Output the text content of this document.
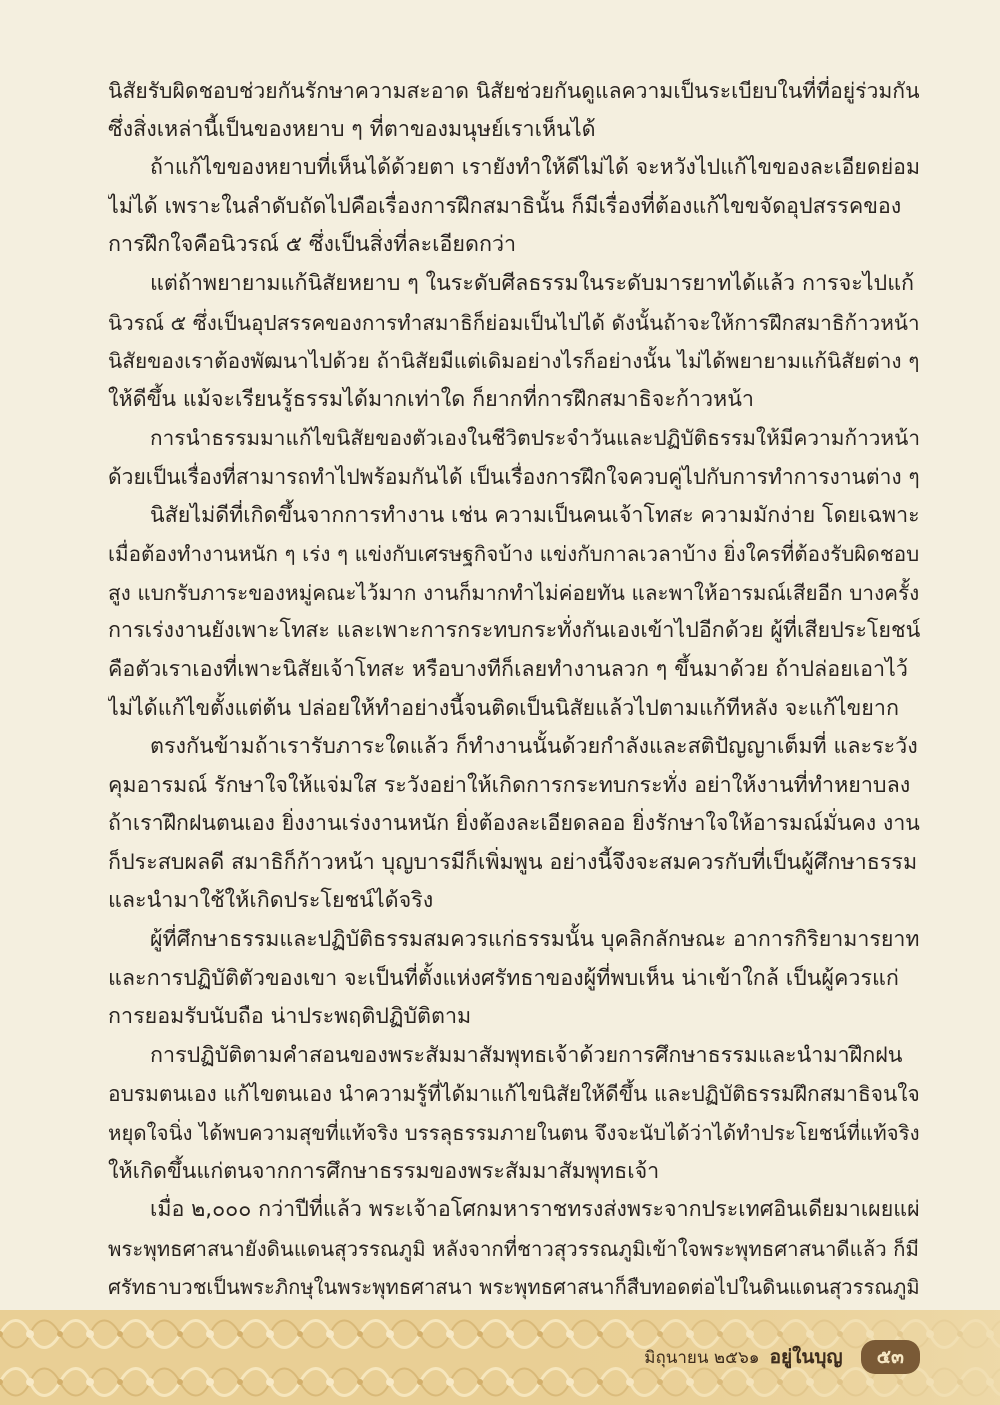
นิสัยรับผิดชอบช่วยกันรักษาความสะอาด นิสัยช่วยกันดูแลความเป็นระเบียบในที่ที่อยู่ร่วมกัน
ซึ่งสิ่งเหล่านี้เป็นของหยาบ ๆ ที่ตาของมนุษย์เราเห็นได้

ถ้าแก้ไขของหยาบที่เห็นได้ด้วยตา เรายังทำให้ดีไม่ได้ จะหวังไปแก้ไขของละเอียดย่อม
ไม่ได้ เพราะในลำดับถัดไปคือเรื่องการฝึกสมาธินั้น ก็มีเรื่องที่ต้องแก้ไขขจัดอุปสรรคของ
การฝึกใจคือนิวรณ์ ๕ ซึ่งเป็นสิ่งที่ละเอียดกว่า

แต่ถ้าพยายามแก้นิสัยหยาบ ๆ ในระดับศีลธรรมในระดับมารยาทได้แล้ว การจะไปแก้
นิวรณ์ ๕ ซึ่งเป็นอุปสรรคของการทำสมาธิก็ย่อมเป็นไปได้ ดังนั้นถ้าจะให้การฝึกสมาธิก้าวหน้า
นิสัยของเราต้องพัฒนาไปด้วย ถ้านิสัยมีแต่เดิมอย่างไรก็อย่างนั้น ไม่ได้พยายามแก้นิสัยต่าง ๆ
ให้ดีขึ้น แม้จะเรียนรู้ธรรมได้มากเท่าใด ก็ยากที่การฝึกสมาธิจะก้าวหน้า

การนำธรรมมาแก้ไขนิสัยของตัวเองในชีวิตประจำวันและปฏิบัติธรรมให้มีความก้าวหน้า
ด้วยเป็นเรื่องที่สามารถทำไปพร้อมกันได้ เป็นเรื่องการฝึกใจควบคู่ไปกับการทำการงานต่าง ๆ

นิสัยไม่ดีที่เกิดขึ้นจากการทำงาน เช่น ความเป็นคนเจ้าโทสะ ความมักง่าย โดยเฉพาะ
เมื่อต้องทำงานหนัก ๆ เร่ง ๆ แข่งกับเศรษฐกิจบ้าง แข่งกับกาลเวลาบ้าง ยิ่งใครที่ต้องรับผิดชอบ
สูง แบกรับภาระของหมู่คณะไว้มาก งานก็มากทำไม่ค่อยทัน และพาให้อารมณ์เสียอีก บางครั้ง
การเร่งงานยังเพาะโทสะ และเพาะการกระทบกระทั่งกันเองเข้าไปอีกด้วย ผู้ที่เสียประโยชน์
คือตัวเราเองที่เพาะนิสัยเจ้าโทสะ หรือบางทีก็เลยทำงานลวก ๆ ขึ้นมาด้วย ถ้าปล่อยเอาไว้
ไม่ได้แก้ไขตั้งแต่ต้น ปล่อยให้ทำอย่างนี้จนติดเป็นนิสัยแล้วไปตามแก้ทีหลัง จะแก้ไขยาก

ตรงกันข้ามถ้าเรารับภาระใดแล้ว ก็ทำงานนั้นด้วยกำลังและสติปัญญาเต็มที่ และระวัง
คุมอารมณ์ รักษาใจให้แจ่มใส ระวังอย่าให้เกิดการกระทบกระทั่ง อย่าให้งานที่ทำหยาบลง
ถ้าเราฝึกฝนตนเอง ยิ่งงานเร่งงานหนัก ยิ่งต้องละเอียดลออ ยิ่งรักษาใจให้อารมณ์มั่นคง งาน
ก็ประสบผลดี สมาธิก็ก้าวหน้า บุญบารมีก็เพิ่มพูน อย่างนี้จึงจะสมควรกับที่เป็นผู้ศึกษาธรรม
และนำมาใช้ให้เกิดประโยชน์ได้จริง

ผู้ที่ศึกษาธรรมและปฏิบัติธรรมสมควรแก่ธรรมนั้น บุคลิกลักษณะ อาการกิริยามารยาท
และการปฏิบัติตัวของเขา จะเป็นที่ตั้งแห่งศรัทธาของผู้ที่พบเห็น น่าเข้าใกล้ เป็นผู้ควรแก่
การยอมรับนับถือ น่าประพฤติปฏิบัติตาม

การปฏิบัติตามคำสอนของพระสัมมาสัมพุทธเจ้าด้วยการศึกษาธรรมและนำมาฝึกฝน
อบรมตนเอง แก้ไขตนเอง นำความรู้ที่ได้มาแก้ไขนิสัยให้ดีขึ้น และปฏิบัติธรรมฝึกสมาธิจนใจ
หยุดใจนิ่ง ได้พบความสุขที่แท้จริง บรรลุธรรมภายในตน จึงจะนับได้ว่าได้ทำประโยชน์ที่แท้จริง
ให้เกิดขึ้นแก่ตนจากการศึกษาธรรมของพระสัมมาสัมพุทธเจ้า

เมื่อ ๒,๐๐๐ กว่าปีที่แล้ว พระเจ้าอโศกมหาราชทรงส่งพระจากประเทศอินเดียมาเผยแผ่
พระพุทธศาสนายังดินแดนสุวรรณภูมิ หลังจากที่ชาวสุวรรณภูมิเข้าใจพระพุทธศาสนาดีแล้ว ก็มี
ศรัทธาบวชเป็นพระภิกษุในพระพุทธศาสนา พระพุทธศาสนาก็สืบทอดต่อไปในดินแดนสุวรรณภูมิ

มิถุนายน ๒๕๖๑ อยู่ในบุญ	๕๓
